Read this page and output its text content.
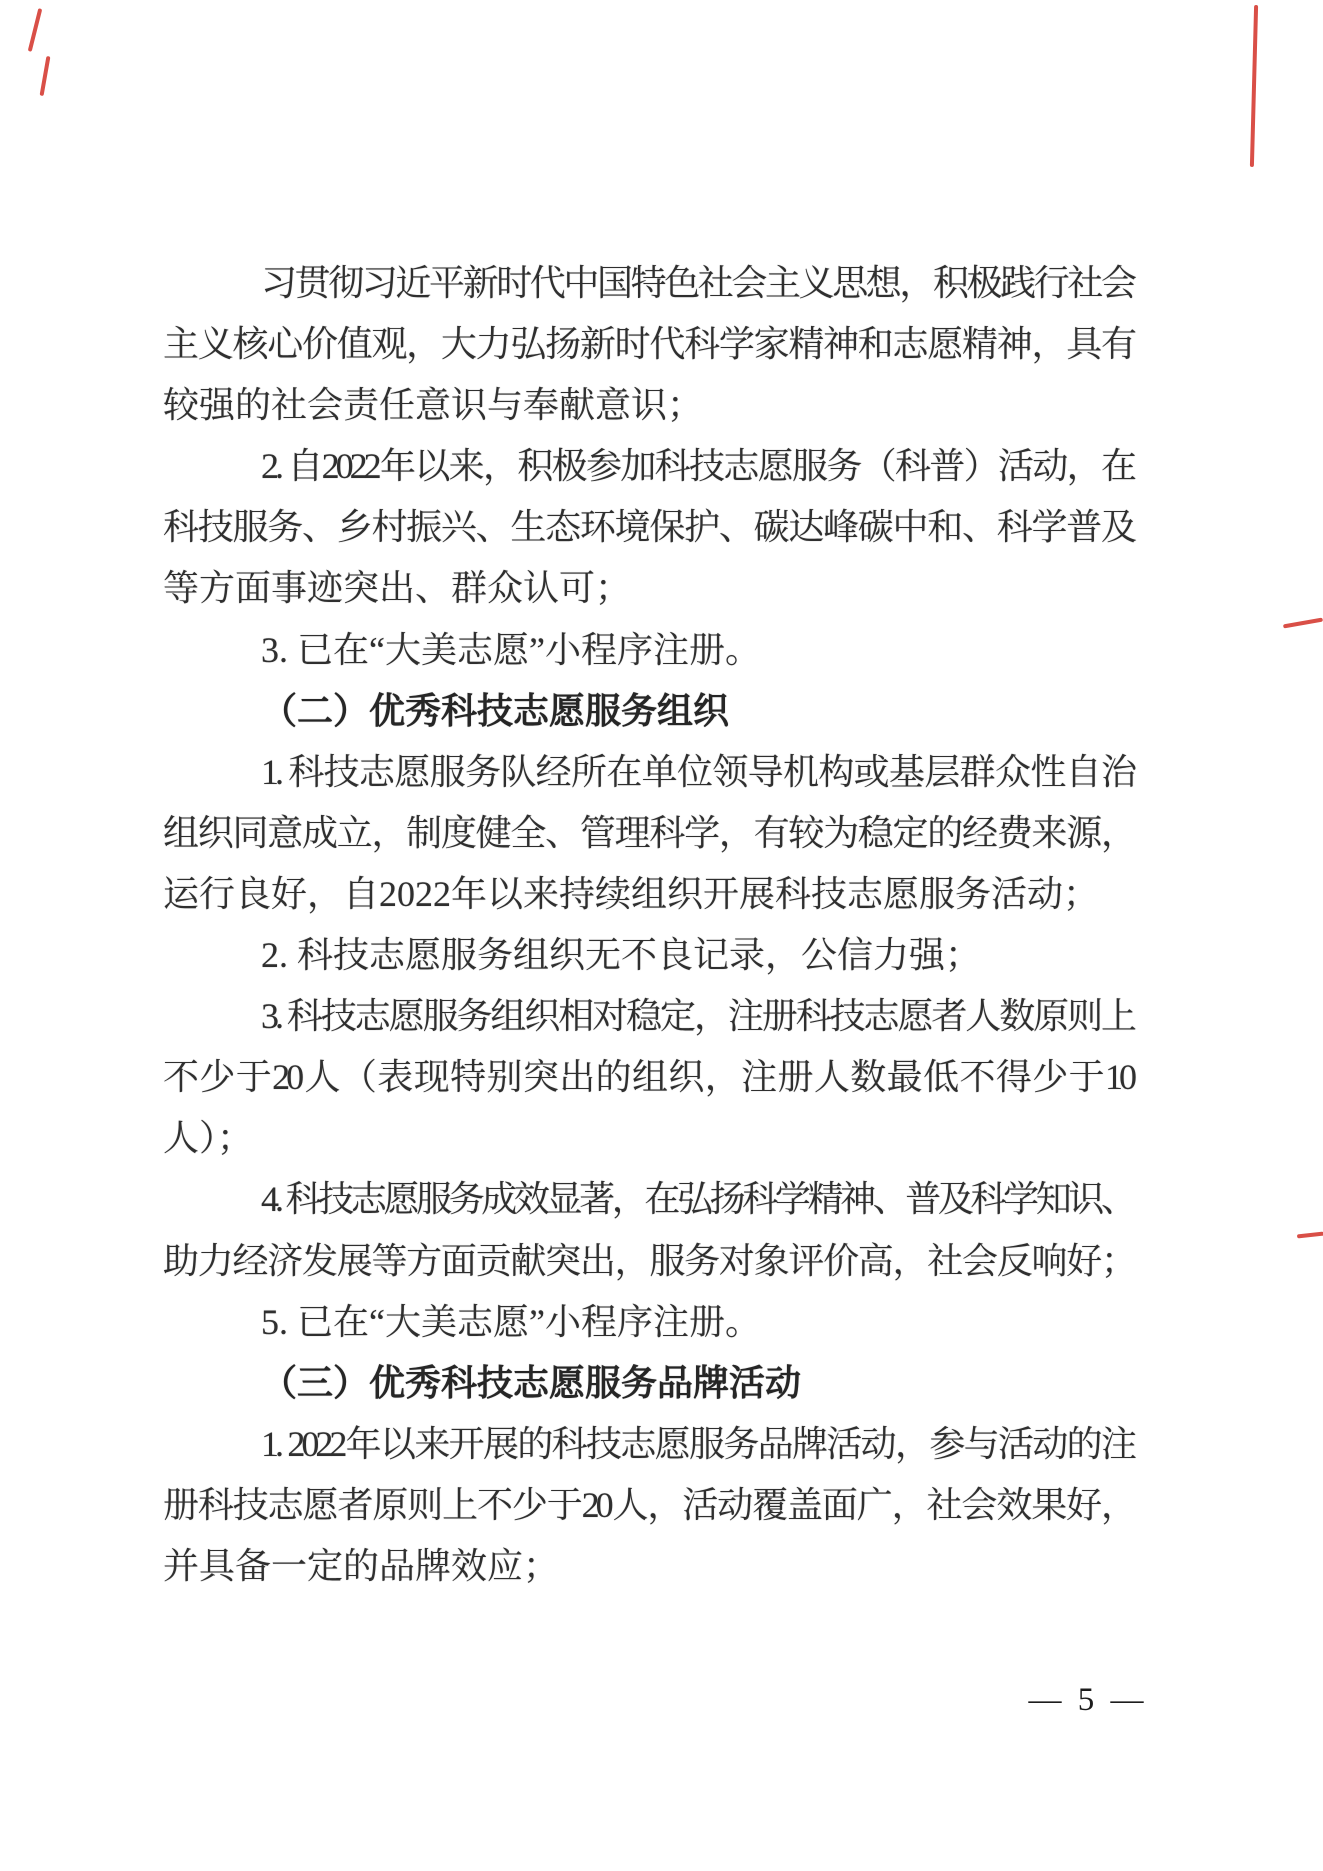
习贯彻习近平新时代中国特色社会主义思想，积极践行社会
主义核心价值观，大力弘扬新时代科学家精神和志愿精神，具有
较强的社会责任意识与奉献意识；
2. 自2022年以来，积极参加科技志愿服务（科普）活动，在
科技服务、乡村振兴、生态环境保护、碳达峰碳中和、科学普及
等方面事迹突出、群众认可；
3. 已在“大美志愿”小程序注册。
（二）优秀科技志愿服务组织
1. 科技志愿服务队经所在单位领导机构或基层群众性自治
组织同意成立，制度健全、管理科学，有较为稳定的经费来源，
运行良好，自2022年以来持续组织开展科技志愿服务活动；
2. 科技志愿服务组织无不良记录，公信力强；
3. 科技志愿服务组织相对稳定，注册科技志愿者人数原则上
不少于20人（表现特别突出的组织，注册人数最低不得少于10
人）；
4. 科技志愿服务成效显著，在弘扬科学精神、普及科学知识、
助力经济发展等方面贡献突出，服务对象评价高，社会反响好；
5. 已在“大美志愿”小程序注册。
（三）优秀科技志愿服务品牌活动
1. 2022年以来开展的科技志愿服务品牌活动，参与活动的注
册科技志愿者原则上不少于20人，活动覆盖面广，社会效果好，
并具备一定的品牌效应；
— 5 —
